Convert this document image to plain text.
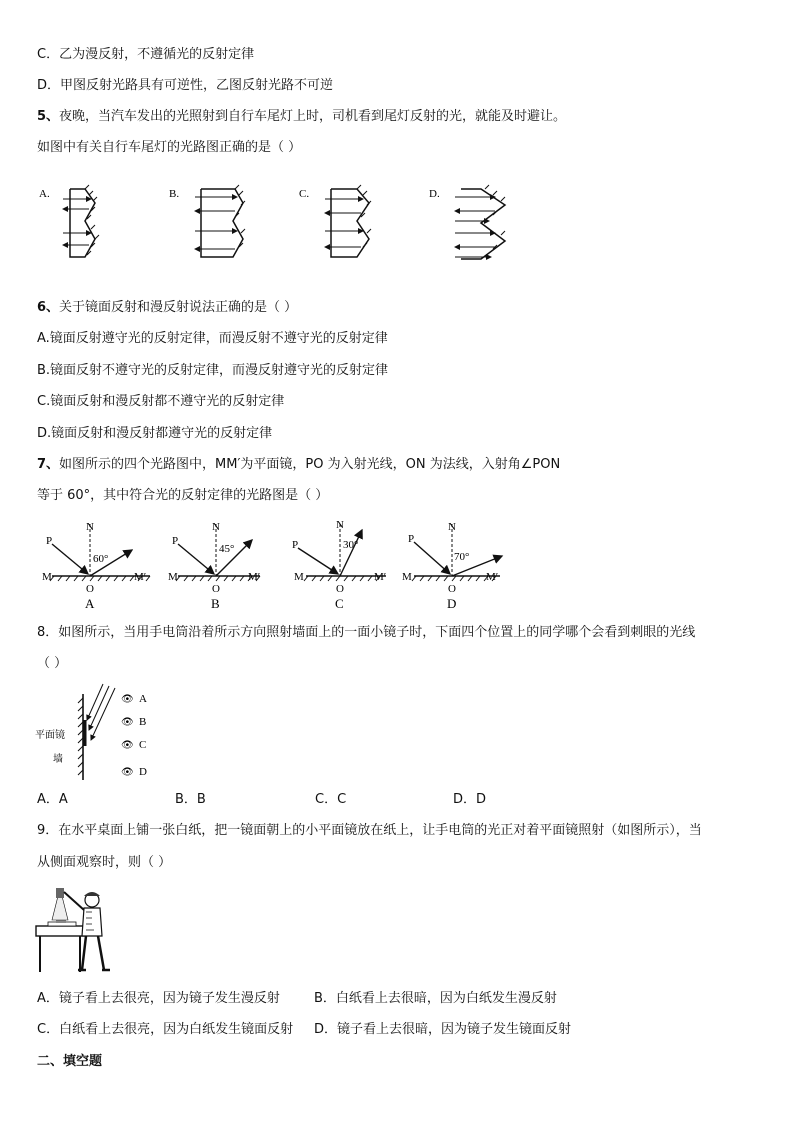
C．乙为漫反射，不遵循光的反射定律
D．甲图反射光路具有可逆性，乙图反射光路不可逆
5、夜晚，当汽车发出的光照射到自行车尾灯上时，司机看到尾灯反射的光，就能及时避让。
如图中有关自行车尾灯的光路图正确的是（ ）
A.	B.	C.	D.
6、关于镜面反射和漫反射说法正确的是（ ）
A.镜面反射遵守光的反射定律，而漫反射不遵守光的反射定律
B.镜面反射不遵守光的反射定律，而漫反射遵守光的反射定律
C.镜面反射和漫反射都不遵守光的反射定律
D.镜面反射和漫反射都遵守光的反射定律
7、如图所示的四个光路图中，MM′为平面镜，PO 为入射光线，ON 为法线，入射角∠PON
等于 60°，其中符合光的反射定律的光路图是（ ）
P
N
60°
M	M′
O
A
P
N
45°
M	M′
O
B
P
N
30°
M	M′
O
C
P
N
70°
M	M′
O
D
8．如图所示，当用手电筒沿着所示方向照射墙面上的一面小镜子时，下面四个位置上的同学哪个会看到刺眼的光线
（ ）
👁
👁
👁
👁
A
B
C
D
平面镜
墙
A．A	B．B	C．C	D．D
9．在水平桌面上铺一张白纸，把一镜面朝上的小平面镜放在纸上，让手电筒的光正对着平面镜照射（如图所示），当
从侧面观察时，则（ ）
A．镜子看上去很亮，因为镜子发生漫反射	B．白纸看上去很暗，因为白纸发生漫反射
C．白纸看上去很亮，因为白纸发生镜面反射 D．镜子看上去很暗，因为镜子发生镜面反射
二、填空题
